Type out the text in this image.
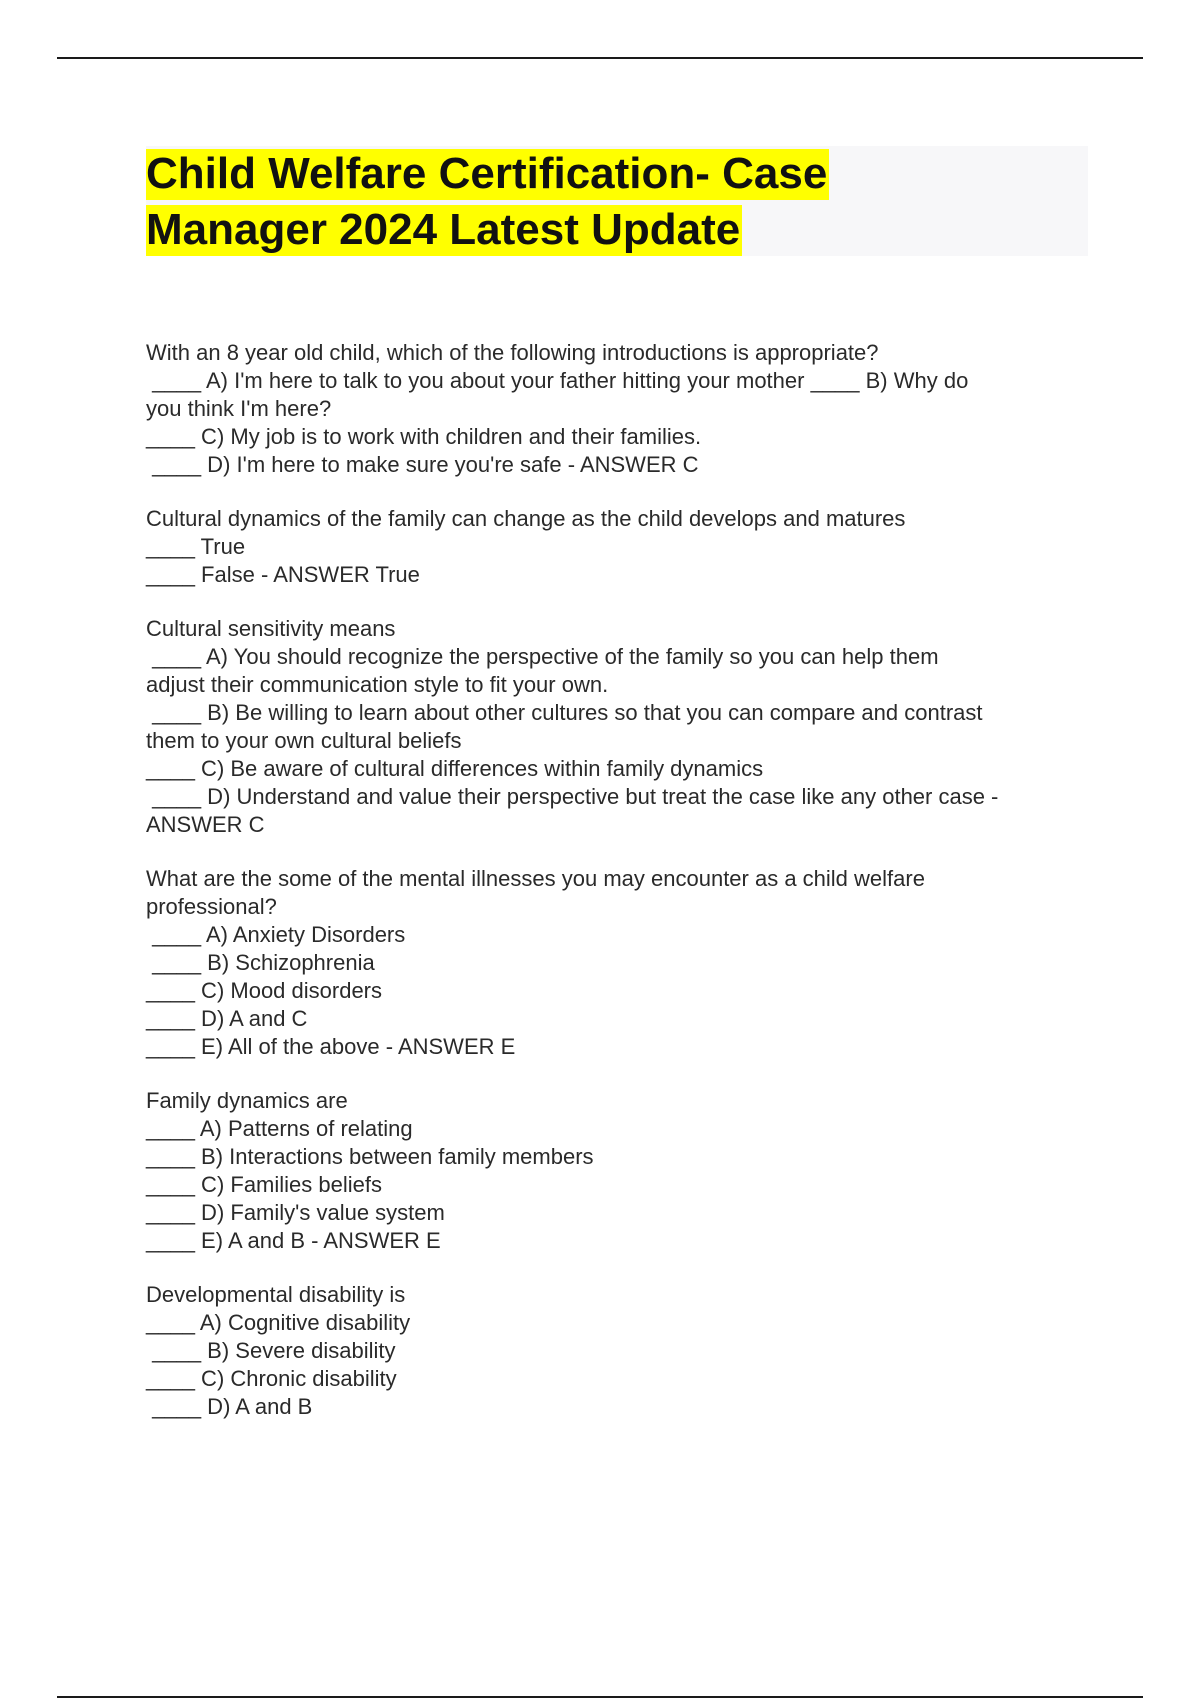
Child Welfare Certification- Case
Manager 2024 Latest Update
With an 8 year old child, which of the following introductions is appropriate?
____ A) I'm here to talk to you about your father hitting your mother ____ B) Why do
you think I'm here?
____ C) My job is to work with children and their families.
____ D) I'm here to make sure you're safe - ANSWER C
Cultural dynamics of the family can change as the child develops and matures
____ True
____ False - ANSWER True
Cultural sensitivity means
____ A) You should recognize the perspective of the family so you can help them
adjust their communication style to fit your own.
____ B) Be willing to learn about other cultures so that you can compare and contrast
them to your own cultural beliefs
____ C) Be aware of cultural differences within family dynamics
____ D) Understand and value their perspective but treat the case like any other case -
ANSWER C
What are the some of the mental illnesses you may encounter as a child welfare
professional?
____ A) Anxiety Disorders
____ B) Schizophrenia
____ C) Mood disorders
____ D) A and C
____ E) All of the above - ANSWER E
Family dynamics are
____ A) Patterns of relating
____ B) Interactions between family members
____ C) Families beliefs
____ D) Family's value system
____ E) A and B - ANSWER E
Developmental disability is
____ A) Cognitive disability
____ B) Severe disability
____ C) Chronic disability
____ D) A and B
